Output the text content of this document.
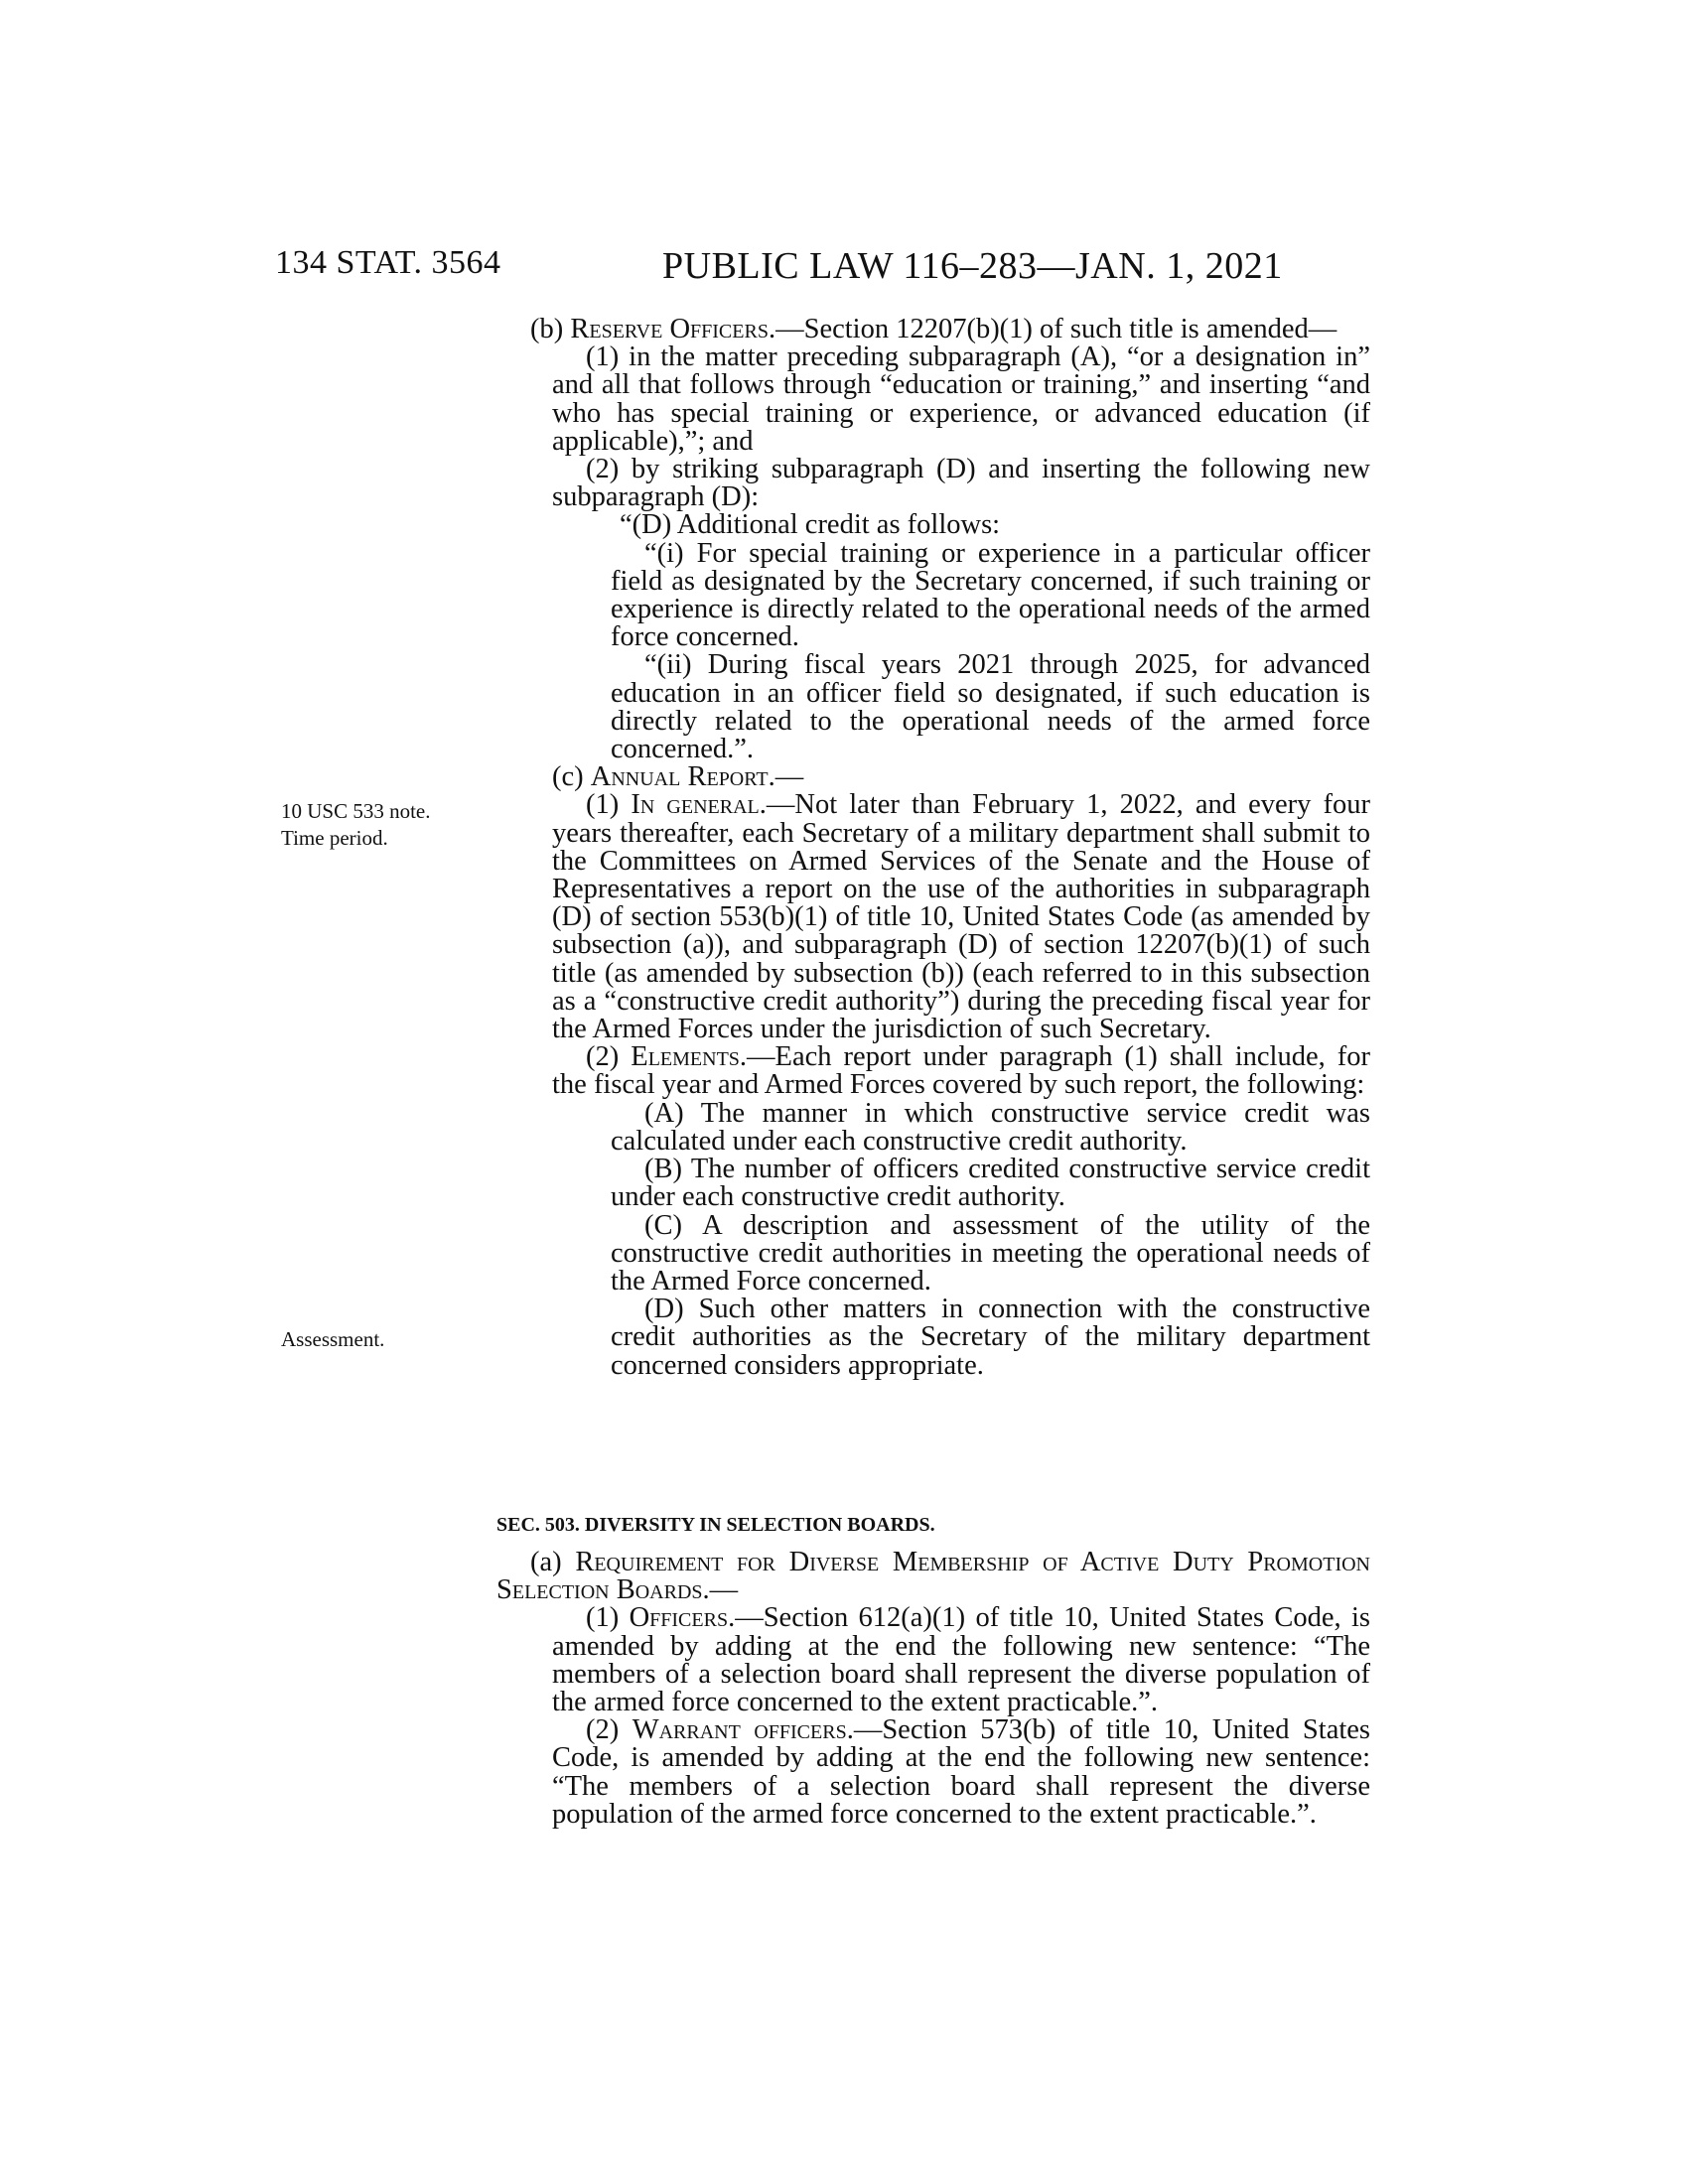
134 STAT. 3564	PUBLIC LAW 116–283—JAN. 1, 2021
10 USC 533 note.
Time period.
Assessment.

(b) Reserve Officers.—Section 12207(b)(1) of such title is amended—

(1) in the matter preceding subparagraph (A), “or a designation in” and all that follows through “education or training,” and inserting “and who has special training or experience, or advanced education (if applicable),”; and

(2) by striking subparagraph (D) and inserting the following new subparagraph (D):

“(D) Additional credit as follows:

“(i) For special training or experience in a particular officer field as designated by the Secretary concerned, if such training or experience is directly related to the operational needs of the armed force concerned.

“(ii) During fiscal years 2021 through 2025, for advanced education in an officer field so designated, if such education is directly related to the operational needs of the armed force concerned.”.

(c) Annual Report.—

(1) In general.—Not later than February 1, 2022, and every four years thereafter, each Secretary of a military department shall submit to the Committees on Armed Services of the Senate and the House of Representatives a report on the use of the authorities in subparagraph (D) of section 553(b)(1) of title 10, United States Code (as amended by subsection (a)), and subparagraph (D) of section 12207(b)(1) of such title (as amended by subsection (b)) (each referred to in this subsection as a “constructive credit authority”) during the preceding fiscal year for the Armed Forces under the jurisdiction of such Secretary.

(2) Elements.—Each report under paragraph (1) shall include, for the fiscal year and Armed Forces covered by such report, the following:

(A) The manner in which constructive service credit was calculated under each constructive credit authority.

(B) The number of officers credited constructive service credit under each constructive credit authority.

(C) A description and assessment of the utility of the constructive credit authorities in meeting the operational needs of the Armed Force concerned.

(D) Such other matters in connection with the constructive credit authorities as the Secretary of the military department concerned considers appropriate.

SEC. 503. DIVERSITY IN SELECTION BOARDS.

(a) Requirement for Diverse Membership of Active Duty Promotion Selection Boards.—

(1) Officers.—Section 612(a)(1) of title 10, United States Code, is amended by adding at the end the following new sentence: “The members of a selection board shall represent the diverse population of the armed force concerned to the extent practicable.”.

(2) Warrant officers.—Section 573(b) of title 10, United States Code, is amended by adding at the end the following new sentence: “The members of a selection board shall represent the diverse population of the armed force concerned to the extent practicable.”.
